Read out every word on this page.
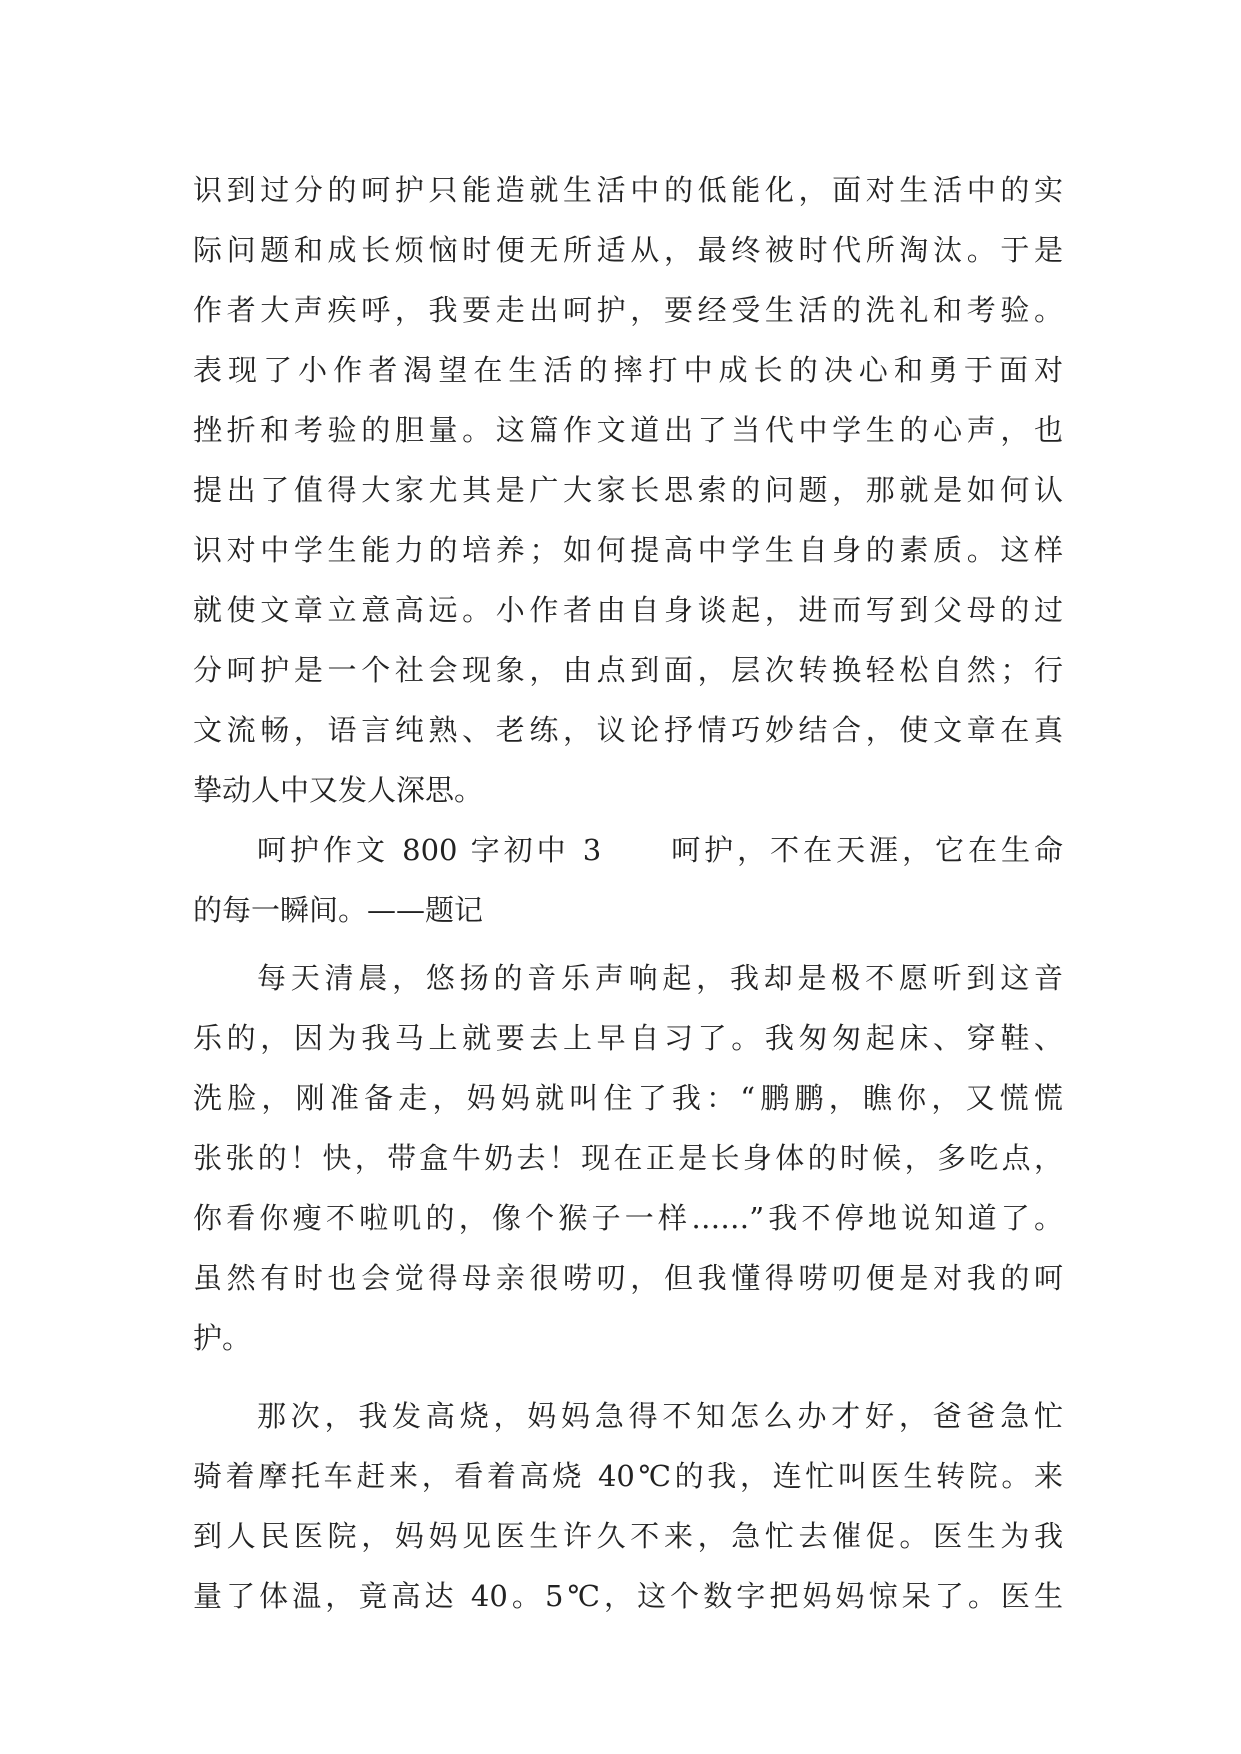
识到过分的呵护只能造就生活中的低能化，面对生活中的实
际问题和成长烦恼时便无所适从，最终被时代所淘汰。于是
作者大声疾呼，我要走出呵护，要经受生活的洗礼和考验。
表现了小作者渴望在生活的摔打中成长的决心和勇于面对
挫折和考验的胆量。这篇作文道出了当代中学生的心声，也
提出了值得大家尤其是广大家长思索的问题，那就是如何认
识对中学生能力的培养；如何提高中学生自身的素质。这样
就使文章立意高远。小作者由自身谈起，进而写到父母的过
分呵护是一个社会现象，由点到面，层次转换轻松自然；行
文流畅，语言纯熟、老练，议论抒情巧妙结合，使文章在真
挚动人中又发人深思。
呵护作文 800 字初中 3　　呵护，不在天涯，它在生命
的每一瞬间。——题记
每天清晨，悠扬的音乐声响起，我却是极不愿听到这音
乐的，因为我马上就要去上早自习了。我匆匆起床、穿鞋、
洗脸，刚准备走，妈妈就叫住了我：“鹏鹏，瞧你，又慌慌
张张的！快，带盒牛奶去！现在正是长身体的时候，多吃点，
你看你瘦不啦叽的，像个猴子一样……”我不停地说知道了。
虽然有时也会觉得母亲很唠叨，但我懂得唠叨便是对我的呵
护。
那次，我发高烧，妈妈急得不知怎么办才好，爸爸急忙
骑着摩托车赶来，看着高烧 40℃的我，连忙叫医生转院。来
到人民医院，妈妈见医生许久不来，急忙去催促。医生为我
量了体温，竟高达 40。5℃，这个数字把妈妈惊呆了。医生
